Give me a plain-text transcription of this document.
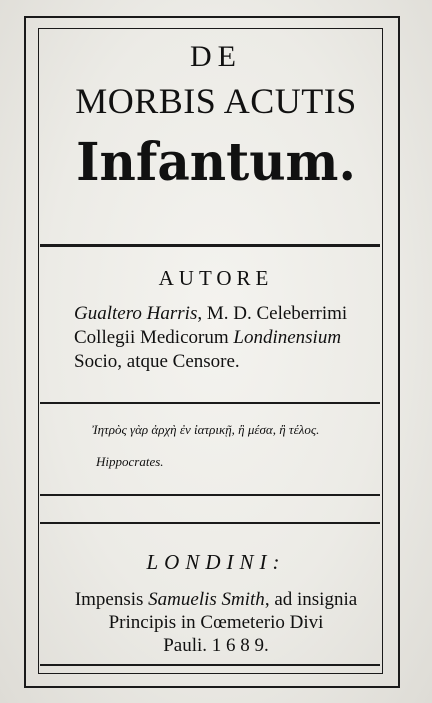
DE
MORBIS ACUTIS
Infantum.
AUTORE
Gualtero Harris, M. D. Celeberrimi
Collegii Medicorum Londinensium
Socio, atque Censore.
Ἰητρὸς γὰρ ἀρχὴ ἐν ἰατρικῇ, ἢ μέσα, ἢ τέλος.
Hippocrates.
LONDINI:
Impensis Samuelis Smith, ad insignia
Principis in Cœmeterio Divi
Pauli. 1 6 8 9.
